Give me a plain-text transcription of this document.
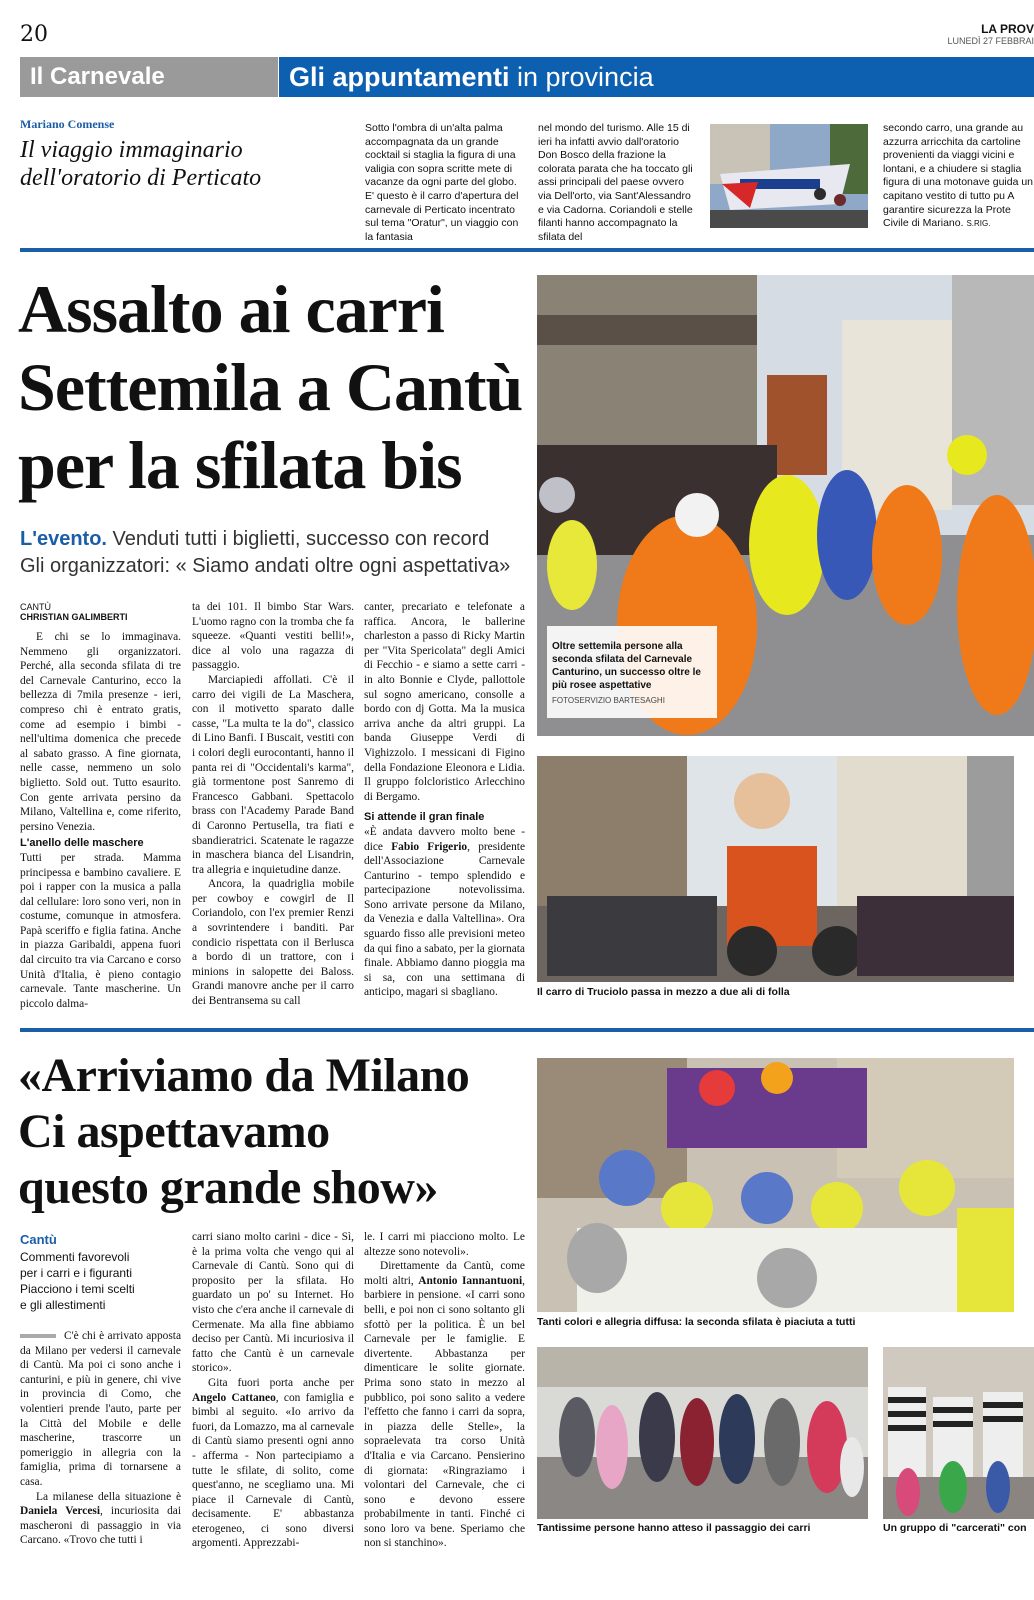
20	LA PROV
LUNEDÌ 27 FEBBRAI
Il Carnevale	Gli appuntamenti in provincia
Mariano Comense
Il viaggio immaginario
dell'oratorio di Perticato
Sotto l'ombra di un'alta palma accompagnata da un grande cocktail si staglia la figura di una valigia con sopra scritte mete di vacanze da ogni parte del globo. E' questo è il carro d'apertura del carnevale di Perticato incentrato sul tema "Oratur", un viaggio con la fantasia
nel mondo del turismo. Alle 15 di ieri ha infatti avvio dall'oratorio Don Bosco della frazione la colorata parata che ha toccato gli assi principali del paese ovvero via Dell'orto, via Sant'Alessandro e via Cadorna. Coriandoli e stelle filanti hanno accompagnato la sfilata del
secondo carro, una grande au azzurra arricchita da cartoline provenienti da viaggi vicini e lontani, e a chiudere si staglia figura di una motonave guida un capitano vestito di tutto pu A garantire sicurezza la Prote Civile di Mariano. S.RIG.
Assalto ai carri
Settemila a Cantù
per la sfilata bis
L'evento. Venduti tutti i biglietti, successo con record
Gli organizzatori: « Siamo andati oltre ogni aspettativa»
CANTÙ
CHRISTIAN GALIMBERTI

E chi se lo immaginava. Nemmeno gli organizzatori. Perché, alla seconda sfilata di tre del Carnevale Canturino, ecco la bellezza di 7mila presenze - ieri, compreso chi è entrato gratis, come ad esempio i bimbi - nell'ultima domenica che precede al sabato grasso. A fine giornata, nelle casse, nemmeno un solo biglietto. Sold out. Tutto esaurito. Con gente arrivata persino da Milano, Valtellina e, come riferito, persino Venezia.

L'anello delle maschere

Tutti per strada. Mamma principessa e bambino cavaliere. E poi i rapper con la musica a palla dal cellulare: loro sono veri, non in costume, comunque in atmosfera. Papà sceriffo e figlia fatina. Anche in piazza Garibaldi, appena fuori dal circuito tra via Carcano e corso Unità d'Italia, è pieno contagio carnevale. Tante mascherine. Un piccolo dalma-

ta dei 101. Il bimbo Star Wars. L'uomo ragno con la tromba che fa squeeze. «Quanti vestiti belli!», dice al volo una ragazza di passaggio.

Marciapiedi affollati. C'è il carro dei vigili de La Maschera, con il motivetto sparato dalle casse, "La multa te la do", classico di Lino Banfi. I Buscait, vestiti con i colori degli eurocontanti, hanno il panta rei di "Occidentali's karma", già tormentone post Sanremo di Francesco Gabbani. Spettacolo brass con l'Academy Parade Band di Caronno Pertusella, tra fiati e sbandieratrici. Scatenate le ragazze in maschera bianca del Lisandrin, tra allegria e inquietudine danze.

Ancora, la quadriglia mobile per cowboy e cowgirl de Il Coriandolo, con l'ex premier Renzi a sovrintendere i banditi. Par condicio rispettata con il Berlusca a bordo di un trattore, con i minions in salopette dei Baloss. Grandi manovre anche per il carro dei Bentransema su call

canter, precariato e telefonate a raffica. Ancora, le ballerine charleston a passo di Ricky Martin per "Vita Spericolata" degli Amici di Fecchio - e siamo a sette carri - in alto Bonnie e Clyde, pallottole sul sogno americano, consolle a bordo con dj Gotta. Ma la musica arriva anche da altri gruppi. La banda Giuseppe Verdi di Vighizzolo. I messicani di Figino della Fondazione Eleonora e Lidia. Il gruppo folcloristico Arlecchino di Bergamo.

Si attende il gran finale

«È andata davvero molto bene - dice Fabio Frigerio, presidente dell'Associazione Carnevale Canturino - tempo splendido e partecipazione notevolissima. Sono arrivate persone da Milano, da Venezia e dalla Valtellina». Ora sguardo fisso alle previsioni meteo da qui fino a sabato, per la giornata finale. Abbiamo danno pioggia ma si sa, con una settimana di anticipo, magari si sbagliano.

Oltre settemila persone alla seconda sfilata del Carnevale Canturino, un successo oltre le più rosee aspettative
FOTOSERVIZIO BARTESAGHI
Il carro di Truciolo passa in mezzo a due ali di folla
«Arriviamo da Milano
Ci aspettavamo
questo grande show»
Cantù
Commenti favorevoli
per i carri e i figuranti
Piacciono i temi scelti
e gli allestimenti

C'è chi è arrivato apposta da Milano per vedersi il carnevale di Cantù. Ma poi ci sono anche i canturini, e più in genere, chi vive in provincia di Como, che volentieri prende l'auto, parte per la Città del Mobile e delle mascherine, trascorre un pomeriggio in allegria con la famiglia, prima di tornarsene a casa.

La milanese della situazione è Daniela Vercesi, incuriosita dai mascheroni di passaggio in via Carcano. «Trovo che tutti i

carri siano molto carini - dice - Sì, è la prima volta che vengo qui al Carnevale di Cantù. Sono qui di proposito per la sfilata. Ho guardato un po' su Internet. Ho visto che c'era anche il carnevale di Cermenate. Ma alla fine abbiamo deciso per Cantù. Mi incuriosiva il fatto che Cantù è un carnevale storico».

Gita fuori porta anche per Angelo Cattaneo, con famiglia e bimbi al seguito. «Io arrivo da fuori, da Lomazzo, ma al carnevale di Cantù siamo presenti ogni anno - afferma - Non partecipiamo a tutte le sfilate, di solito, come quest'anno, ne scegliamo una. Mi piace il Carnevale di Cantù, decisamente. E' abbastanza eterogeneo, ci sono diversi argomenti. Apprezzabi-

le. I carri mi piacciono molto. Le altezze sono notevoli».

Direttamente da Cantù, come molti altri, Antonio Iannantuoni, barbiere in pensione. «I carri sono belli, e poi non ci sono soltanto gli sfottò per la politica. È un bel Carnevale per le famiglie. E divertente. Abbastanza per dimenticare le solite giornate. Prima sono stato in mezzo al pubblico, poi sono salito a vedere l'effetto che fanno i carri da sopra, in piazza delle Stelle», la sopraelevata tra corso Unità d'Italia e via Carcano. Pensierino di giornata: «Ringraziamo i volontari del Carnevale, che ci sono e devono essere probabilmente in tanti. Finché ci sono loro va bene. Speriamo che non si stanchino».

Tanti colori e allegria diffusa: la seconda sfilata è piaciuta a tutti
Tantissime persone hanno atteso il passaggio dei carri	Un gruppo di "carcerati" con
